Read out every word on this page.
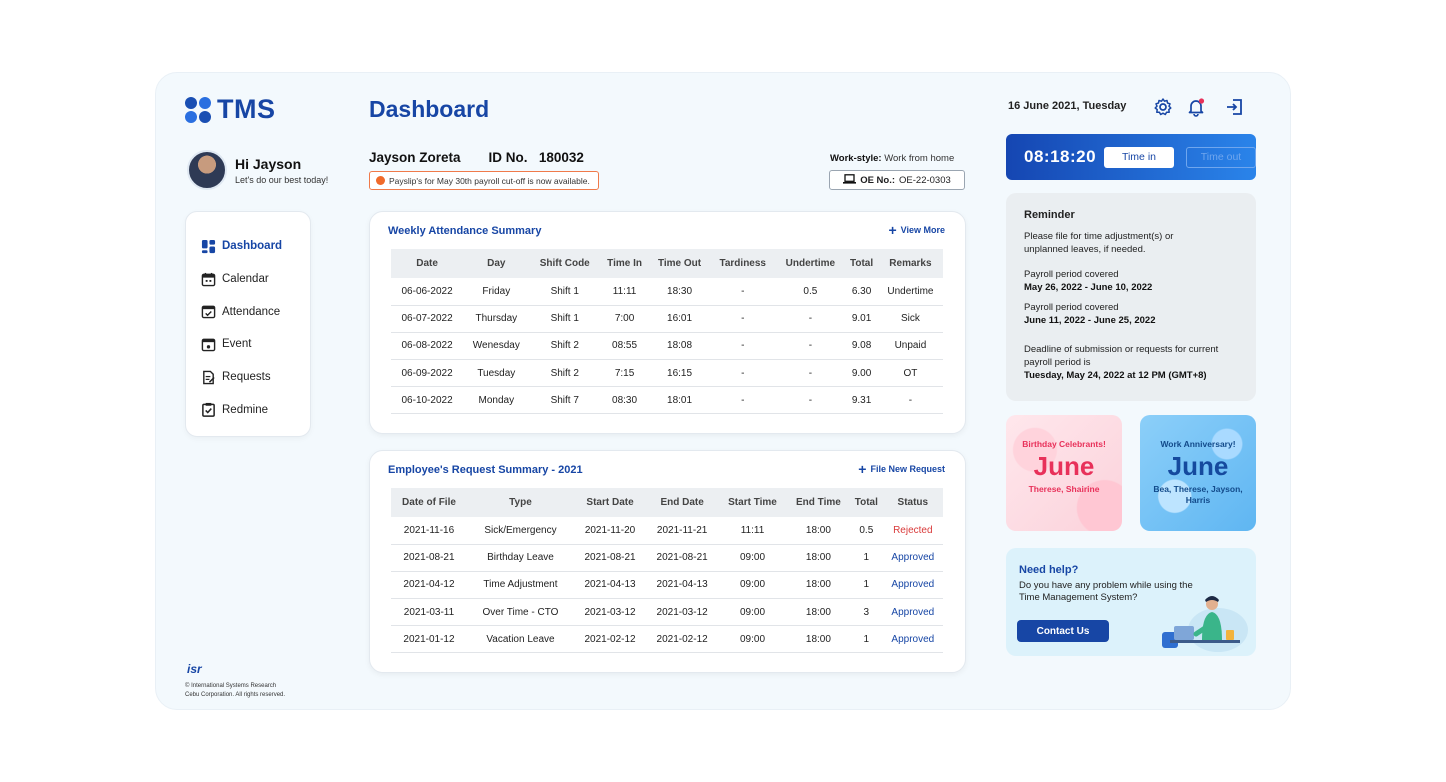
TMS
Hi Jayson
Let's do our best today!
Dashboard
Calendar
Attendance
Event
Requests
Redmine
isr
© International Systems Research
Cebu Corporation. All rights reserved.
Dashboard
Jayson Zoreta ID No. 180032
Payslip's for May 30th payroll cut-off is now available.
Work-style: Work from home
OE No.: OE-22-0303
Weekly Attendance Summary	+ View More
Date	Day	Shift Code	Time In	Time Out	Tardiness	Undertime	Total	Remarks
06-06-2022	Friday	Shift 1	11:11	18:30	-	0.5	6.30	Undertime
06-07-2022	Thursday	Shift 1	7:00	16:01	-	-	9.01	Sick
06-08-2022	Wenesday	Shift 2	08:55	18:08	-	-	9.08	Unpaid
06-09-2022	Tuesday	Shift 2	7:15	16:15	-	-	9.00	OT
06-10-2022	Monday	Shift 7	08:30	18:01	-	-	9.31	-
Employee's Request Summary - 2021	+ File New Request
Date of File	Type	Start Date	End Date	Start Time	End Time	Total	Status
2021-11-16	Sick/Emergency	2021-11-20	2021-11-21	11:11	18:00	0.5	Rejected
2021-08-21	Birthday Leave	2021-08-21	2021-08-21	09:00	18:00	1	Approved
2021-04-12	Time Adjustment	2021-04-13	2021-04-13	09:00	18:00	1	Approved
2021-03-11	Over Time - CTO	2021-03-12	2021-03-12	09:00	18:00	3	Approved
2021-01-12	Vacation Leave	2021-02-12	2021-02-12	09:00	18:00	1	Approved
16 June 2021, Tuesday
08:18:20	Time in	Time out
Reminder

Please file for time adjustment(s) or unplanned leaves, if needed.

Payroll period covered

May 26, 2022 - June 10, 2022

Payroll period covered

June 11, 2022 - June 25, 2022

Deadline of submission or requests for current payroll period is

Tuesday, May 24, 2022 at 12 PM (GMT+8)

Birthday Celebrants!
June
Therese, Shairine
Work Anniversary!
June
Bea, Therese, Jayson, Harris
Need help?

Do you have any problem while using the Time Management System?

Contact Us
